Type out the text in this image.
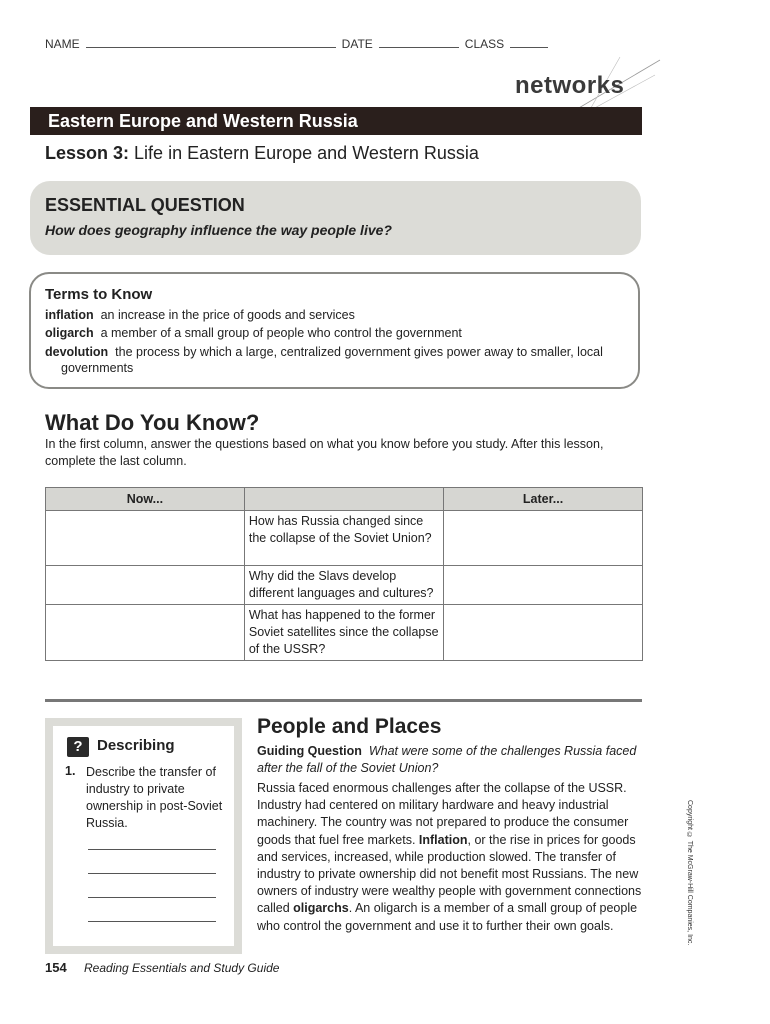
NAME	DATE	CLASS
networks
Eastern Europe and Western Russia
Lesson 3: Life in Eastern Europe and Western Russia
ESSENTIAL QUESTION
How does geography influence the way people live?
Terms to Know
inflation an increase in the price of goods and services
oligarch a member of a small group of people who control the government
devolution the process by which a large, centralized government gives power away to smaller, local governments
What Do You Know?
In the first column, answer the questions based on what you know before you study. After this lesson, complete the last column.
Now...		Later...
	How has Russia changed since the collapse of the Soviet Union?	
	Why did the Slavs develop different languages and cultures?	
	What has happened to the former Soviet satellites since the collapse of the USSR?	
? Describing
1. Describe the transfer of industry to private ownership in post-Soviet Russia.
People and Places
Guiding Question What were some of the challenges Russia faced after the fall of the Soviet Union?
Russia faced enormous challenges after the collapse of the USSR. Industry had centered on military hardware and heavy industrial machinery. The country was not prepared to produce the consumer goods that fuel free markets. Inflation, or the rise in prices for goods and services, increased, while production slowed. The transfer of industry to private ownership did not benefit most Russians. The new owners of industry were wealthy people with government connections called oligarchs. An oligarch is a member of a small group of people who control the government and use it to further their own goals.
154 Reading Essentials and Study Guide
Copyright © The McGraw-Hill Companies, Inc.
